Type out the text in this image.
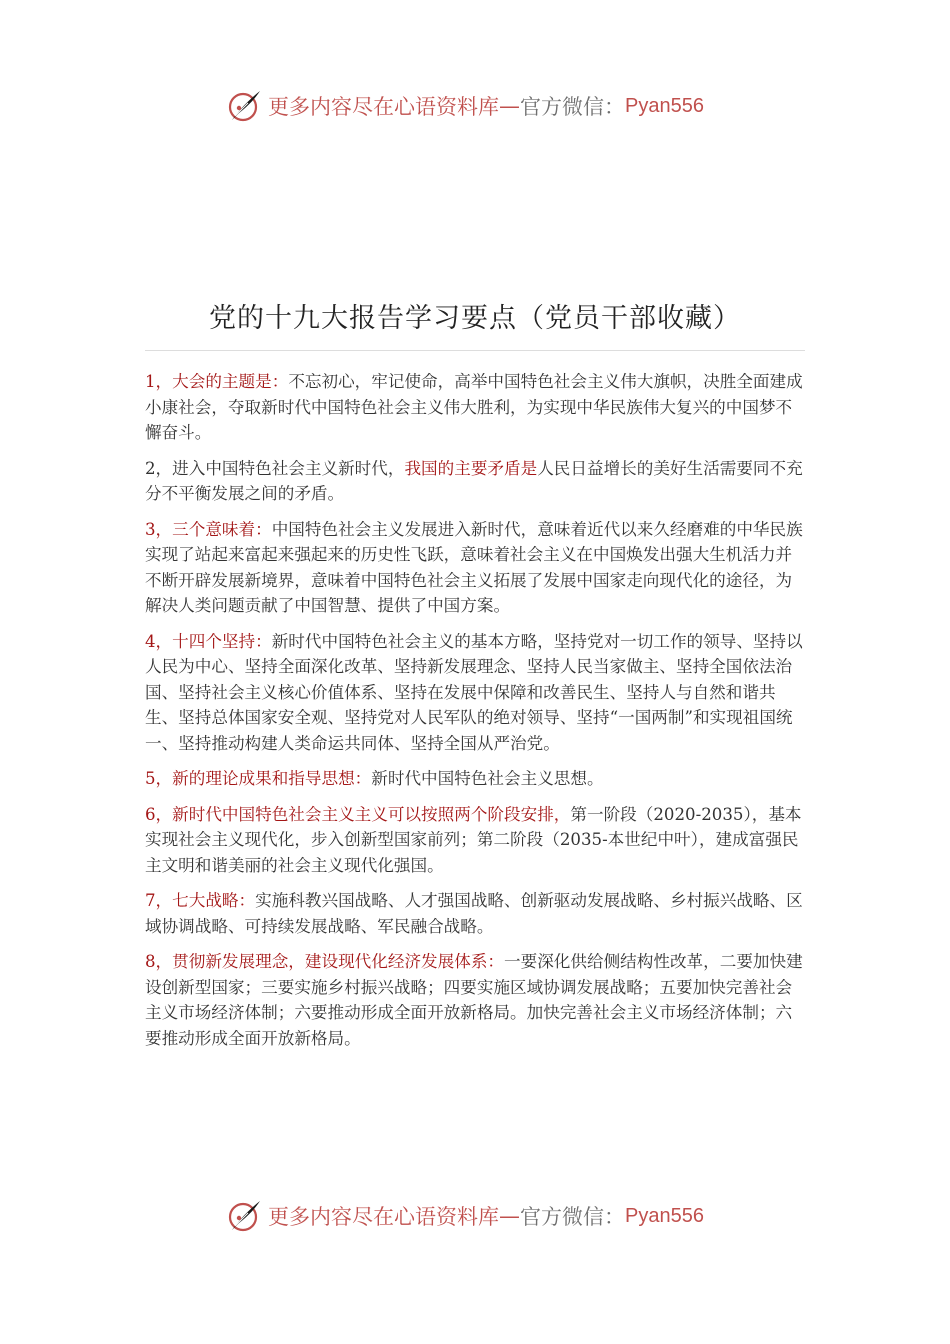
更多内容尽在心语资料库 — 官方微信： Pyan556
党的十九大报告学习要点（党员干部收藏）

1，大会的主题是：不忘初心，牢记使命，高举中国特色社会主义伟大旗帜，决胜全面建成小康社会，夺取新时代中国特色社会主义伟大胜利，为实现中华民族伟大复兴的中国梦不懈奋斗。

2，进入中国特色社会主义新时代，我国的主要矛盾是人民日益增长的美好生活需要同不充分不平衡发展之间的矛盾。

3，三个意味着：中国特色社会主义发展进入新时代，意味着近代以来久经磨难的中华民族实现了站起来富起来强起来的历史性飞跃，意味着社会主义在中国焕发出强大生机活力并不断开辟发展新境界，意味着中国特色社会主义拓展了发展中国家走向现代化的途径，为解决人类问题贡献了中国智慧、提供了中国方案。

4，十四个坚持：新时代中国特色社会主义的基本方略，坚持党对一切工作的领导、坚持以人民为中心、坚持全面深化改革、坚持新发展理念、坚持人民当家做主、坚持全国依法治国、坚持社会主义核心价值体系、坚持在发展中保障和改善民生、坚持人与自然和谐共生、坚持总体国家安全观、坚持党对人民军队的绝对领导、坚持“一国两制”和实现祖国统一、坚持推动构建人类命运共同体、坚持全国从严治党。

5，新的理论成果和指导思想：新时代中国特色社会主义思想。

6，新时代中国特色社会主义主义可以按照两个阶段安排，第一阶段（2020-2035），基本实现社会主义现代化，步入创新型国家前列；第二阶段（2035-本世纪中叶），建成富强民主文明和谐美丽的社会主义现代化强国。

7，七大战略：实施科教兴国战略、人才强国战略、创新驱动发展战略、乡村振兴战略、区域协调战略、可持续发展战略、军民融合战略。

8，贯彻新发展理念，建设现代化经济发展体系：一要深化供给侧结构性改革，二要加快建设创新型国家；三要实施乡村振兴战略；四要实施区域协调发展战略；五要加快完善社会主义市场经济体制；六要推动形成全面开放新格局。加快完善社会主义市场经济体制；六要推动形成全面开放新格局。

更多内容尽在心语资料库 — 官方微信： Pyan556
